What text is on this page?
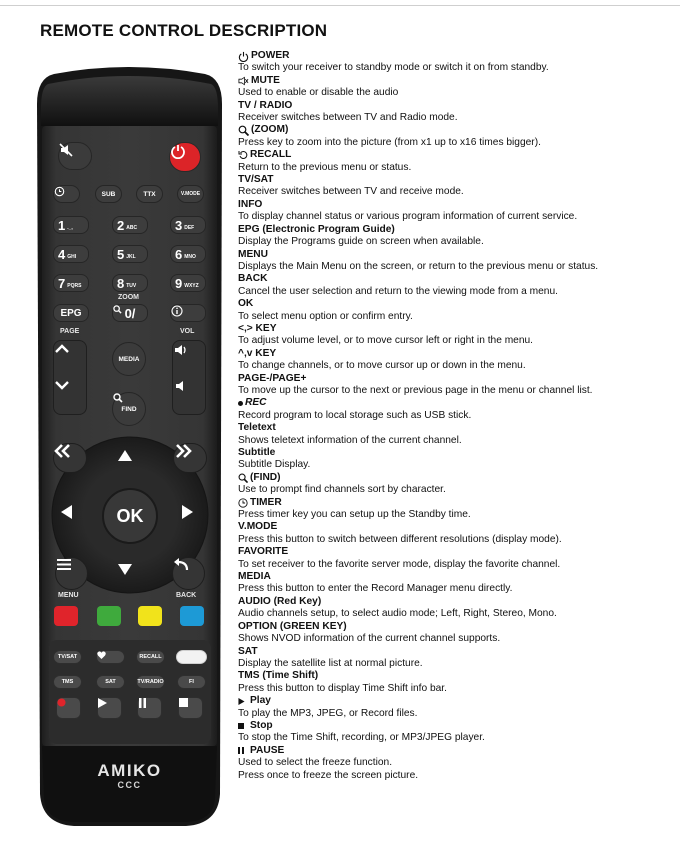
REMOTE CONTROL DESCRIPTION
SUB	TTX	V.MODE
1 ._,	2 ABC	3 DEF
4 GHI	5 JKL	6 MNO
7 PQRS	8 TUV	9 WXYZ
ZOOM
EPG	0/
PAGE	VOL
MEDIA
FIND
OK
MENU	BACK
TV/SAT	RECALL
TMS	SAT	TV/RADIO	FI
AMIKO
CCC
POWER
To switch your receiver to standby mode or switch it on from standby.
MUTE
Used to enable or disable the audio
TV / RADIO
Receiver switches between TV and Radio mode.
(ZOOM)
Press key to zoom into the picture (from x1 up to x16 times bigger).
RECALL
Return to the previous menu or status.
TV/SAT
Receiver switches between TV and receive mode.
INFO
To display channel status or various program information of current service.
EPG (Electronic Program Guide)
Display the Programs guide on screen when available.
MENU
Displays the Main Menu on the screen, or return to the previous menu or status.
BACK
Cancel the user selection and return to the viewing mode from a menu.
OK
To select menu option or confirm entry.
<,> KEY
To adjust volume level, or to move cursor left or right in the menu.
^,v KEY
To change channels, or to move cursor up or down in the menu.
PAGE-/PAGE+
To move up the cursor to the next or previous page in the menu or channel list.
REC
Record program to local storage such as USB stick.
Teletext
Shows teletext information of the current channel.
Subtitle
Subtitle Display.
(FIND)
Use to prompt find channels sort by character.
TIMER
Press timer key you can setup up the Standby time.
V.MODE
Press this button to switch between different resolutions (display mode).
FAVORITE
To set receiver to the favorite server mode, display the favorite channel.
MEDIA
Press this button to enter the Record Manager menu directly.
AUDIO (Red Key)
Audio channels setup, to select audio mode; Left, Right, Stereo, Mono.
OPTION (GREEN KEY)
Shows NVOD information of the current channel supports.
SAT
Display the satellite list at normal picture.
TMS (Time Shift)
Press this button to display Time Shift info bar.
Play
To play the MP3, JPEG, or Record files.
Stop
To stop the Time Shift, recording, or MP3/JPEG player.
PAUSE
Used to select the freeze function.
Press once to freeze the screen picture.
